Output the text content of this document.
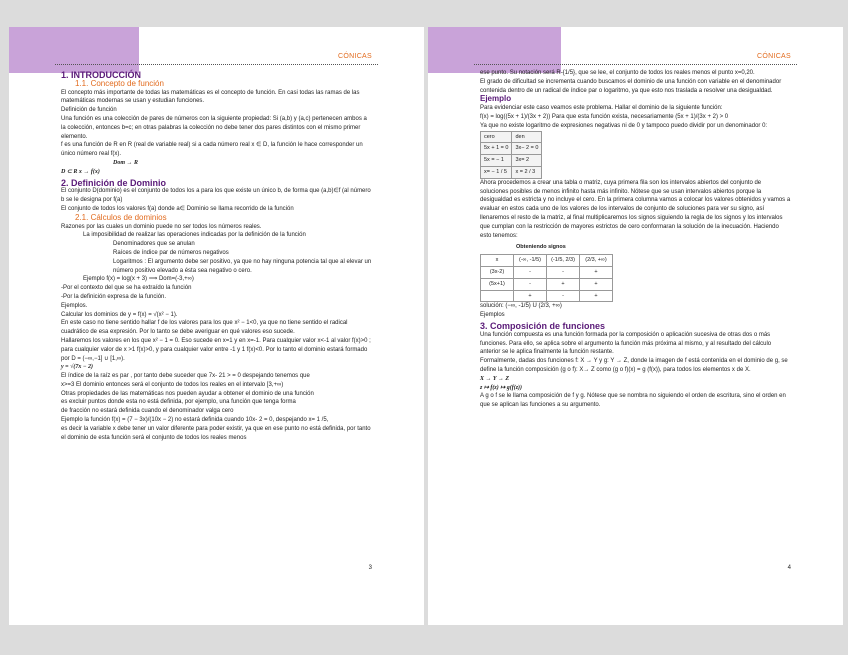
CÓNICAS

1. INTRODUCCIÓN

1.1. Concepto de función

El concepto más importante de todas las matemáticas es el concepto de función. En casi todas las ramas de las matemáticas modernas se usan y estudian funciones.

Definición de función

Una función es una colección de pares de números con la siguiente propiedad: Si (a,b) y (a,c) pertenecen ambos a la colección, entonces b=c; en otras palabras la colección no debe tener dos pares distintos con el mismo primer elemento.

f es una función de R en R (real de variable real) si a cada número real x ∈ D, la función le hace corresponder un único número real f(x).

Dom → R

D ⊂ R x → f(x)

2. Definición de Dominio

El conjunto D(dominio) es el conjunto de todos los a para los que existe un único b, de forma que (a,b)∈f (al número b se le designa por f(a)

El conjunto de todos los valores f(a) donde a∈ Dominio se llama recorrido de la función

2.1. Cálculos de dominios

Razones por las cuales un dominio puede no ser todos los números reales.

La imposibilidad de realizar las operaciones indicadas por la definición de la función

Denominadores que se anulan

Raíces de índice par de números negativos

Logaritmos : El argumento debe ser positivo, ya que no hay ninguna potencia tal que al elevar un número positivo elevado a ésta sea negativo o cero.

Ejemplo f(x) = log(x + 3) ⟹ Dom=(-3,+∞)

-Por el contexto del que se ha extraído la función

-Por la definición expresa de la función.

Ejemplos.

Calcular los dominios de y = f(x) = √(x² − 1).

En este caso no tiene sentido hallar f de los valores para los que x² − 1<0, ya que no tiene sentido el radical cuadrático de esa expresión. Por lo tanto se debe averiguar en qué valores eso sucede.

Hallaremos los valores en los que x² − 1 = 0. Eso sucede en x=1 y en x=-1. Para cualquier valor x<-1 al valor f(x)>0 ; para cualquier valor de x >1 f(x)>0, y para cualquier valor entre -1 y 1 f(x)<0. Por lo tanto el dominio estará formado por D = (−∞,−1] ∪ [1,∞).

y = √(7x − 2)

El índice de la raíz es par , por tanto debe suceder que 7x- 21 > = 0 despejando tenemos que

x>=3 El dominio entonces será el conjunto de todos los reales en el intervalo [3,+∞)

Otras propiedades de las matemáticas nos pueden ayudar a obtener el dominio de una función

es excluir puntos donde esta no está definida, por ejemplo, una función que tenga forma

de fracción no estará definida cuando el denominador valga cero

Ejemplo la función f(x) = (7 − 3x)/(10x − 2) no estará definida cuando 10x- 2 = 0, despejando x= 1 /5,

es decir la variable x debe tener un valor diferente para poder existir, ya que en ese punto no está definida, por tanto el dominio de esta función será el conjunto de todos los reales menos

3
CÓNICAS

ese punto. Su notación será R-{1/5}, que se lee, el conjunto de todos los reales menos el punto x=0,20.

El grado de dificultad se incrementa cuando buscamos el dominio de una función con variable en el denominador contenida dentro de un radical de índice par o logaritmo, ya que esto nos traslada a resolver una desigualdad.

Ejemplo

Para evidenciar este caso veamos este problema. Hallar el dominio de la siguiente función:

f(x) = log((5x + 1)/(3x + 2)) Para que esta función exista, necesariamente (5x + 1)/(3x + 2) > 0

Ya que no existe logaritmo de expresiones negativas ni de 0 y tampoco puedo dividir por un denominador 0:

cero	den
5x + 1 = 0	3x− 2 = 0
5x = − 1	3x= 2
x= − 1 / 5	x = 2 / 3

Ahora procedemos a crear una tabla o matriz, cuya primera fila son los intervalos abiertos del conjunto de soluciones posibles de menos infinito hasta más infinito. Nótese que se usan intervalos abiertos porque la desigualdad es estricta y no incluye el cero. En la primera columna vamos a colocar los valores obtenidos y vamos a evaluar en estos cada uno de los valores de los intervalos de conjunto de soluciones para ver su signo, así llenaremos el resto de la matriz, al final multiplicaremos los signos siguiendo la regla de los signos y los intervalos que cumplan con la restricción de mayores estrictos de cero conformaran la solución de la inecuación. Haciendo esto tenemos:

Obteniendo signos
x	(-∞, -1/5)	(-1/5, 2/3)	(2/3, +∞)
(3x-2)	-	-	+
(5x+1)	-	+	+
	+	-	+

solución: (−∞, -1/5) U (2/3, +∞)

Ejemplos

3. Composición de funciones

Una función compuesta es una función formada por la composición o aplicación sucesiva de otras dos o más funciones. Para ello, se aplica sobre el argumento la función más próxima al mismo, y al resultado del cálculo anterior se le aplica finalmente la función restante.

Formalmente, dadas dos funciones f: X → Y y g: Y → Z, donde la imagen de f está contenida en el dominio de g, se define la función composición (g o f): X→ Z como (g o f)(x) = g (f(x)), para todos los elementos x de X.

X → Y → Z

z ↦ f(z) ↦ g(f(z))

A g o f se le llama composición de f y g. Nótese que se nombra no siguiendo el orden de escritura, sino el orden en que se aplican las funciones a su argumento.

4
